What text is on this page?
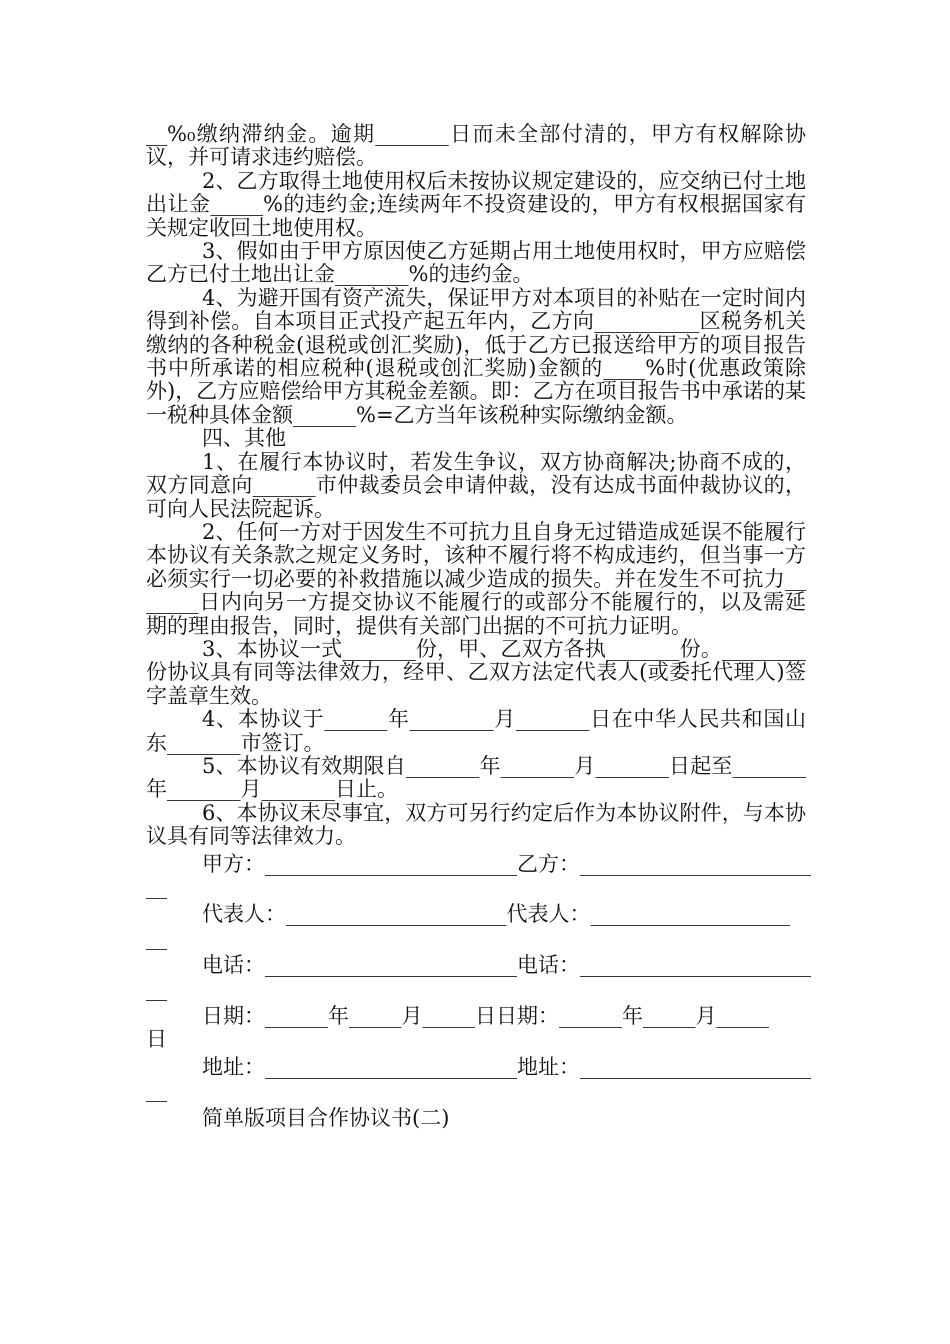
__%₀缴纳滞纳金。逾期_______日而未全部付清的，甲方有权解除协议，并可请求违约赔偿。

2、乙方取得土地使用权后未按协议规定建设的，应交纳已付土地出让金_____%的违约金;连续两年不投资建设的，甲方有权根据国家有关规定收回土地使用权。

3、假如由于甲方原因使乙方延期占用土地使用权时，甲方应赔偿乙方已付土地出让金_______%的违约金。

4、为避开国有资产流失，保证甲方对本项目的补贴在一定时间内得到补偿。自本项目正式投产起五年内，乙方向__________区税务机关缴纳的各种税金(退税或创汇奖励)，低于乙方已报送给甲方的项目报告书中所承诺的相应税种(退税或创汇奖励)金额的____%时(优惠政策除外)，乙方应赔偿给甲方其税金差额。即：乙方在项目报告书中承诺的某一税种具体金额______%=乙方当年该税种实际缴纳金额。

四、其他

1、在履行本协议时，若发生争议，双方协商解决;协商不成的，双方同意向______市仲裁委员会申请仲裁，没有达成书面仲裁协议的，可向人民法院起诉。

2、任何一方对于因发生不可抗力且自身无过错造成延误不能履行本协议有关条款之规定义务时，该种不履行将不构成违约，但当事一方必须实行一切必要的补救措施以减少造成的损失。并在发生不可抗力_______日内向另一方提交协议不能履行的或部分不能履行的，以及需延期的理由报告，同时，提供有关部门出据的不可抗力证明。

3、本协议一式_______份，甲、乙双方各执_______份。________份协议具有同等法律效力，经甲、乙双方法定代表人(或委托代理人)签字盖章生效。

4、本协议于______年________月_______日在中华人民共和国山东_______市签订。

5、本协议有效期限自_______年_______月_______日起至_______年_______月_______日止。

6、本协议未尽事宜，双方可另行约定后作为本协议附件，与本协议具有同等法律效力。

甲方：________________________乙方：______________________
__
代表人：_____________________代表人：___________________
__
电话：________________________电话：______________________
__
日期：______年_____月_____日日期：______年_____月_____
日
地址：________________________地址：______________________
__

简单版项目合作协议书(二)
